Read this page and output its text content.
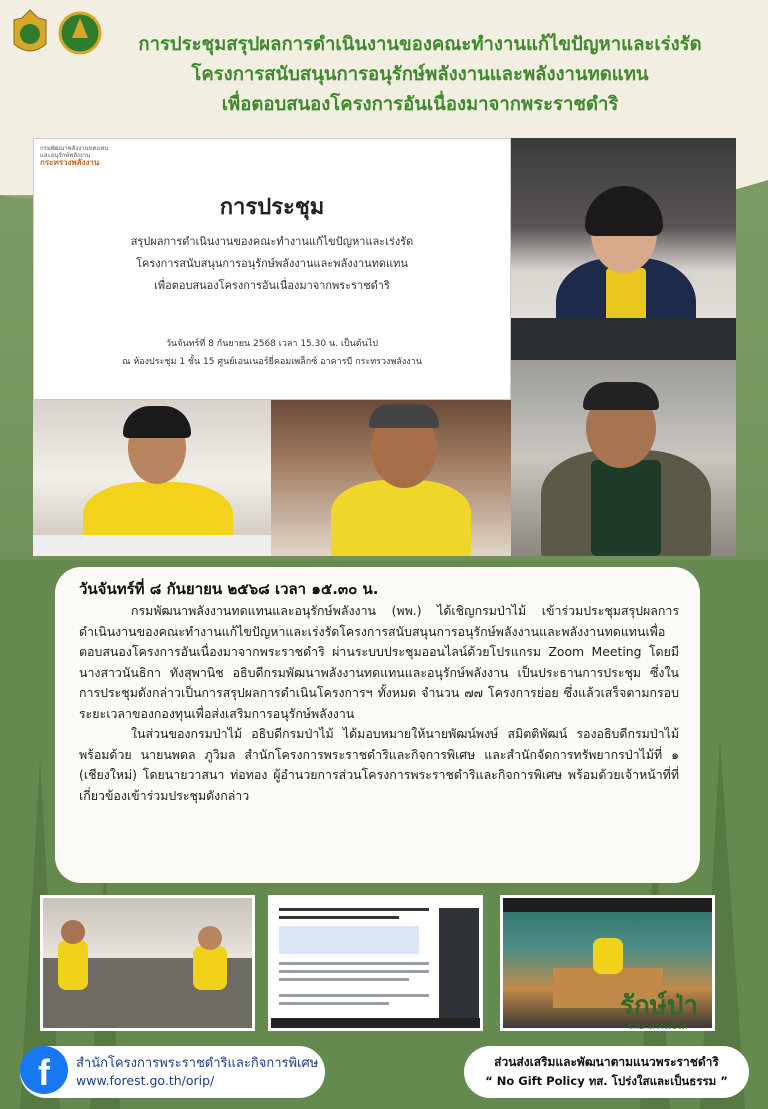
การประชุมสรุปผลการดำเนินงานของคณะทำงานแก้ไขปัญหาและเร่งรัด
โครงการสนับสนุนการอนุรักษ์พลังงานและพลังงานทดแทน
เพื่อตอบสนองโครงการอันเนื่องมาจากพระราชดำริ
กรมพัฒนาพลังงานทดแทน
และอนุรักษ์พลังงาน
กระทรวงพลังงาน
การประชุม
สรุปผลการดำเนินงานของคณะทำงานแก้ไขปัญหาและเร่งรัด
โครงการสนับสนุนการอนุรักษ์พลังงานและพลังงานทดแทน
เพื่อตอบสนองโครงการอันเนื่องมาจากพระราชดำริ
วันจันทร์ที่ 8 กันยายน 2568 เวลา 15.30 น. เป็นต้นไป
ณ ห้องประชุม 1 ชั้น 15 ศูนย์เอนเนอร์ยี่คอมเพล็กซ์ อาคารบี กระทรวงพลังงาน
วันจันทร์ที่ ๘ กันยายน ๒๕๖๘ เวลา ๑๕.๓๐ น.

กรมพัฒนาพลังงานทดแทนและอนุรักษ์พลังงาน (พพ.) ได้เชิญกรมป่าไม้ เข้าร่วมประชุมสรุปผลการดำเนินงานของคณะทำงานแก้ไขปัญหาและเร่งรัดโครงการสนับสนุนการอนุรักษ์พลังงานและพลังงานทดแทนเพื่อตอบสนองโครงการอันเนื่องมาจากพระราชดำริ ผ่านระบบประชุมออนไลน์ด้วยโปรแกรม Zoom Meeting โดยมีนางสาวนันธิกา ทังสุพานิช อธิบดีกรมพัฒนาพลังงานทดแทนและอนุรักษ์พลังงาน เป็นประธานการประชุม ซึ่งในการประชุมดังกล่าวเป็นการสรุปผลการดำเนินโครงการฯ ทั้งหมด จำนวน ๗๗ โครงการย่อย ซึ่งแล้วเสร็จตามกรอบระยะเวลาของกองทุนเพื่อส่งเสริมการอนุรักษ์พลังงาน

ในส่วนของกรมป่าไม้ อธิบดีกรมป่าไม้ ได้มอบหมายให้นายพัฒน์พงษ์ สมิตติพัฒน์ รองอธิบดีกรมป่าไม้ พร้อมด้วย นายนพดล ภูวิมล สำนักโครงการพระราชดำริและกิจการพิเศษ และสำนักจัดการทรัพยากรป่าไม้ที่ ๑ (เชียงใหม่) โดยนายวาสนา ท่อทอง ผู้อำนวยการส่วนโครงการพระราชดำริและกิจการพิเศษ พร้อมด้วยเจ้าหน้าที่ที่เกี่ยวข้องเข้าร่วมประชุมดังกล่าว

รักษ์ป่า
รักษาสรรพชีวิต
f	สำนักโครงการพระราชดำริและกิจการพิเศษ
www.forest.go.th/orip/
ส่วนส่งเสริมและพัฒนาตามแนวพระราชดำริ
“ No Gift Policy ทส. โปร่งใสและเป็นธรรม ”
